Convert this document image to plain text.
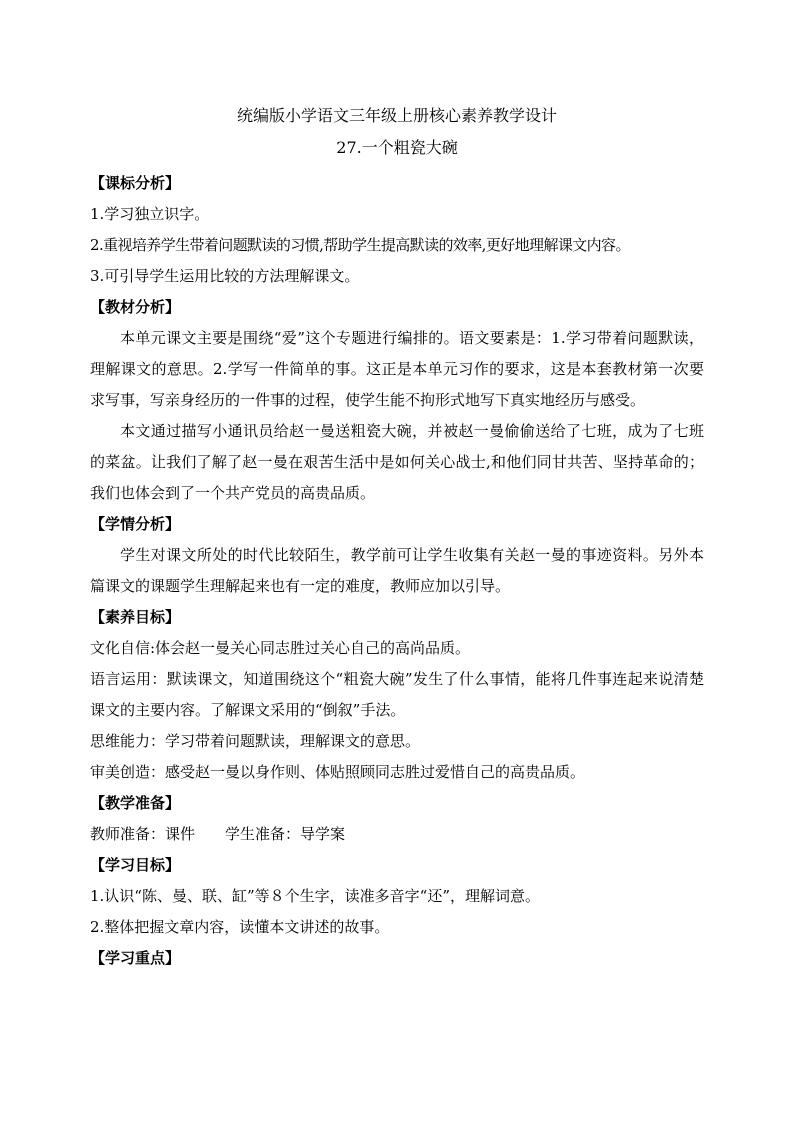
统编版小学语文三年级上册核心素养教学设计

27.一个粗瓷大碗

【课标分析】

1.学习独立识字。

2.重视培养学生带着问题默读的习惯,帮助学生提高默读的效率,更好地理解课文内容。

3.可引导学生运用比较的方法理解课文。

【教材分析】

本单元课文主要是围绕“爱”这个专题进行编排的。语文要素是：1.学习带着问题默读，理解课文的意思。2.学写一件简单的事。这正是本单元习作的要求，这是本套教材第一次要求写事，写亲身经历的一件事的过程，使学生能不拘形式地写下真实地经历与感受。

本文通过描写小通讯员给赵一曼送粗瓷大碗，并被赵一曼偷偷送给了七班，成为了七班的菜盆。让我们了解了赵一曼在艰苦生活中是如何关心战士,和他们同甘共苦、坚持革命的；我们也体会到了一个共产党员的高贵品质。

【学情分析】

学生对课文所处的时代比较陌生，教学前可让学生收集有关赵一曼的事迹资料。另外本篇课文的课题学生理解起来也有一定的难度，教师应加以引导。

【素养目标】

文化自信:体会赵一曼关心同志胜过关心自己的高尚品质。

语言运用：默读课文，知道围绕这个“粗瓷大碗”发生了什么事情，能将几件事连起来说清楚课文的主要内容。了解课文采用的“倒叙”手法。

思维能力：学习带着问题默读，理解课文的意思。

审美创造：感受赵一曼以身作则、体贴照顾同志胜过爱惜自己的高贵品质。

【教学准备】

教师准备：课件　　学生准备：导学案

【学习目标】

1.认识“陈、曼、联、缸”等８个生字，读准多音字“还”，理解词意。

2.整体把握文章内容，读懂本文讲述的故事。

【学习重点】
